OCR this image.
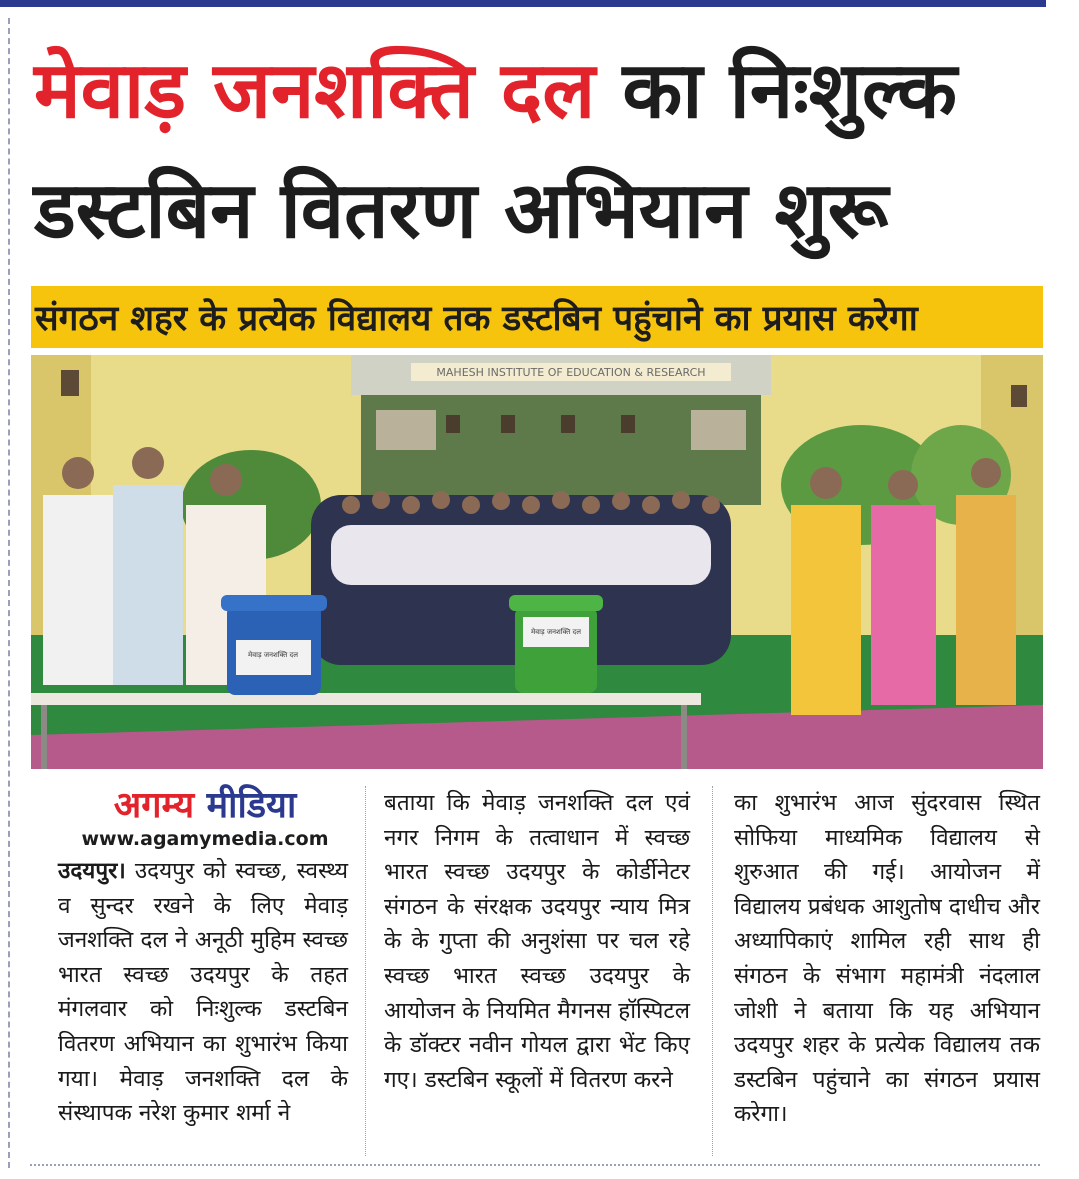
मेवाड़ जनशक्ति दल का निःशुल्क
डस्टबिन वितरण अभियान शुरू
संगठन शहर के प्रत्येक विद्यालय तक डस्टबिन पहुंचाने का प्रयास करेगा
MAHESH INSTITUTE OF EDUCATION & RESEARCH
मेवाड़ जनशक्ति दल
मेवाड़ जनशक्ति दल
अगम्य मीडिया
www.agamymedia.com
उदयपुर। उदयपुर को स्वच्छ, स्वस्थ्य व सुन्दर रखने के लिए मेवाड़ जनशक्ति दल ने अनूठी मुहिम स्वच्छ भारत स्वच्छ उदयपुर के तहत मंगलवार को निःशुल्क डस्टबिन वितरण अभियान का शुभारंभ किया गया। मेवाड़ जनशक्ति दल के संस्थापक नरेश कुमार शर्मा ने
बताया कि मेवाड़ जनशक्ति दल एवं नगर निगम के तत्वाधान में स्वच्छ भारत स्वच्छ उदयपुर के कोर्डीनेटर संगठन के संरक्षक उदयपुर न्याय मित्र के के गुप्ता की अनुशंसा पर चल रहे स्वच्छ भारत स्वच्छ उदयपुर के आयोजन के नियमित मैगनस हॉस्पिटल के डॉक्टर नवीन गोयल द्वारा भेंट किए गए। डस्टबिन स्कूलों में वितरण करने
का शुभारंभ आज सुंदरवास स्थित सोफिया माध्यमिक विद्यालय से शुरुआत की गई। आयोजन में विद्यालय प्रबंधक आशुतोष दाधीच और अध्यापिकाएं शामिल रही साथ ही संगठन के संभाग महामंत्री नंदलाल जोशी ने बताया कि यह अभियान उदयपुर शहर के प्रत्येक विद्यालय तक डस्टबिन पहुंचाने का संगठन प्रयास करेगा।
